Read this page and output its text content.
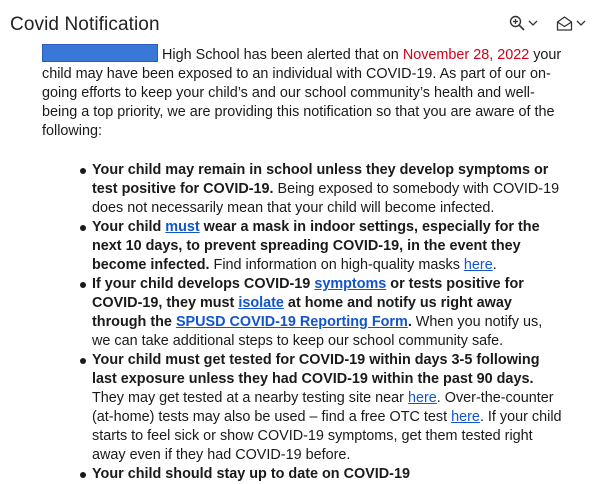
Covid Notification
High School has been alerted that on November 28, 2022 your child may have been exposed to an individual with COVID-19. As part of our on-going efforts to keep your child’s and our school community’s health and well-being a top priority, we are providing this notification so that you are aware of the following:
Your child may remain in school unless they develop symptoms or test positive for COVID-19. Being exposed to somebody with COVID-19 does not necessarily mean that your child will become infected.
Your child must wear a mask in indoor settings, especially for the next 10 days, to prevent spreading COVID-19, in the event they become infected. Find information on high-quality masks here.
If your child develops COVID-19 symptoms or tests positive for COVID-19, they must isolate at home and notify us right away through the SPUSD COVID-19 Reporting Form. When you notify us, we can take additional steps to keep our school community safe.
Your child must get tested for COVID-19 within days 3-5 following last exposure unless they had COVID-19 within the past 90 days. They may get tested at a nearby testing site near here. Over-the-counter (at-home) tests may also be used – find a free OTC test here. If your child starts to feel sick or show COVID-19 symptoms, get them tested right away even if they had COVID-19 before.
Your child should stay up to date on COVID-19
